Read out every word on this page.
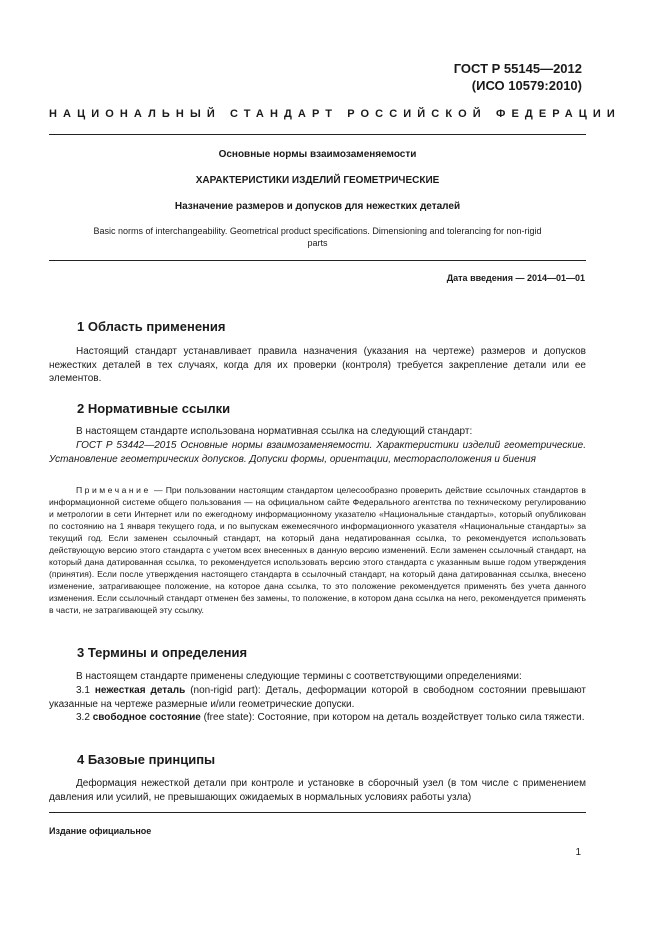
ГОСТ Р 55145—2012
(ИСО 10579:2010)
НАЦИОНАЛЬНЫЙ СТАНДАРТ РОССИЙСКОЙ ФЕДЕРАЦИИ
Основные нормы взаимозаменяемости
ХАРАКТЕРИСТИКИ ИЗДЕЛИЙ ГЕОМЕТРИЧЕСКИЕ
Назначение размеров и допусков для нежестких деталей
Basic norms of interchangeability. Geometrical product specifications. Dimensioning and tolerancing for non-rigid
parts
Дата введения — 2014—01—01
1 Область применения
Настоящий стандарт устанавливает правила назначения (указания на чертеже) размеров и допусков нежестких деталей в тех случаях, когда для их проверки (контроля) требуется закрепление детали или ее элементов.
2 Нормативные ссылки
В настоящем стандарте использована нормативная ссылка на следующий стандарт:
ГОСТ Р 53442—2015 Основные нормы взаимозаменяемости. Характеристики изделий геометрические. Установление геометрических допусков. Допуски формы, ориентации, месторасположения и биения
Примечание — При пользовании настоящим стандартом целесообразно проверить действие ссылочных стандартов в информационной системе общего пользования — на официальном сайте Федерального агентства по техническому регулированию и метрологии в сети Интернет или по ежегодному информационному указателю «Национальные стандарты», который опубликован по состоянию на 1 января текущего года, и по выпускам ежемесячного информационного указателя «Национальные стандарты» за текущий год. Если заменен ссылочный стандарт, на который дана недатированная ссылка, то рекомендуется использовать действующую версию этого стандарта с учетом всех внесенных в данную версию изменений. Если заменен ссылочный стандарт, на который дана датированная ссылка, то рекомендуется использовать версию этого стандарта с указанным выше годом утверждения (принятия). Если после утверждения настоящего стандарта в ссылочный стандарт, на который дана датированная ссылка, внесено изменение, затрагивающее положение, на которое дана ссылка, то это положение рекомендуется применять без учета данного изменения. Если ссылочный стандарт отменен без замены, то положение, в котором дана ссылка на него, рекомендуется применять в части, не затрагивающей эту ссылку.
3 Термины и определения
В настоящем стандарте применены следующие термины с соответствующими определениями:
3.1 нежесткая деталь (non-rigid part): Деталь, деформации которой в свободном состоянии превышают указанные на чертеже размерные и/или геометрические допуски.
3.2 свободное состояние (free state): Состояние, при котором на деталь воздействует только сила тяжести.
4 Базовые принципы
Деформация нежесткой детали при контроле и установке в сборочный узел (в том числе с применением давления или усилий, не превышающих ожидаемых в нормальных условиях работы узла)
Издание официальное
1
